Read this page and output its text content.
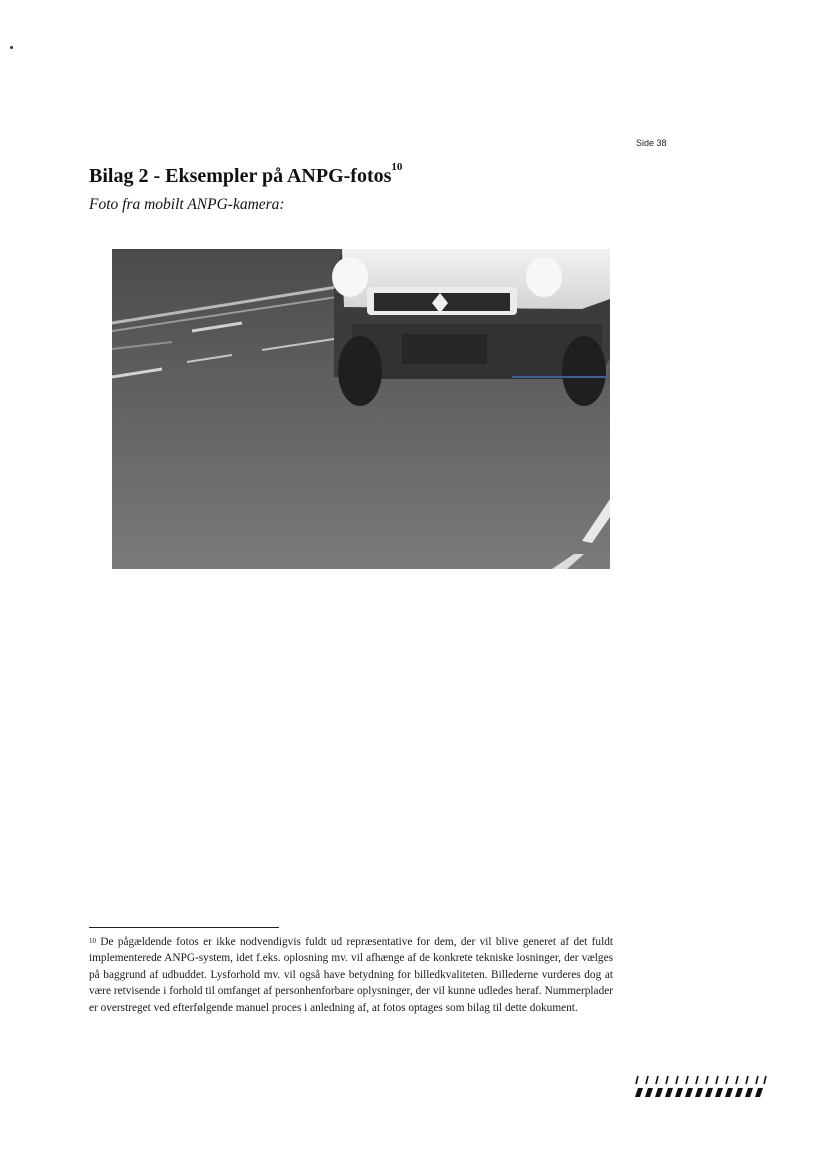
Side 38
Bilag 2 - Eksempler på ANPG-fotos$^{10}$
Foto fra mobilt ANPG-kamera:
$^{10}$ De pågældende fotos er ikke nodvendigvis fuldt ud repræsentative for dem, der vil blive generet af det fuldt implementerede ANPG-system, idet f.eks. oplosning mv. vil afhænge af de konkrete tekniske losninger, der vælges på baggrund af udbuddet. Lysforhold mv. vil også have betydning for billedkvaliteten. Billederne vurderes dog at være retvisende i forhold til omfanget af personhenforbare oplysninger, der vil kunne udledes heraf. Nummerplader er overstreget ved efterfølgende manuel proces i anledning af, at fotos optages som bilag til dette dokument.
